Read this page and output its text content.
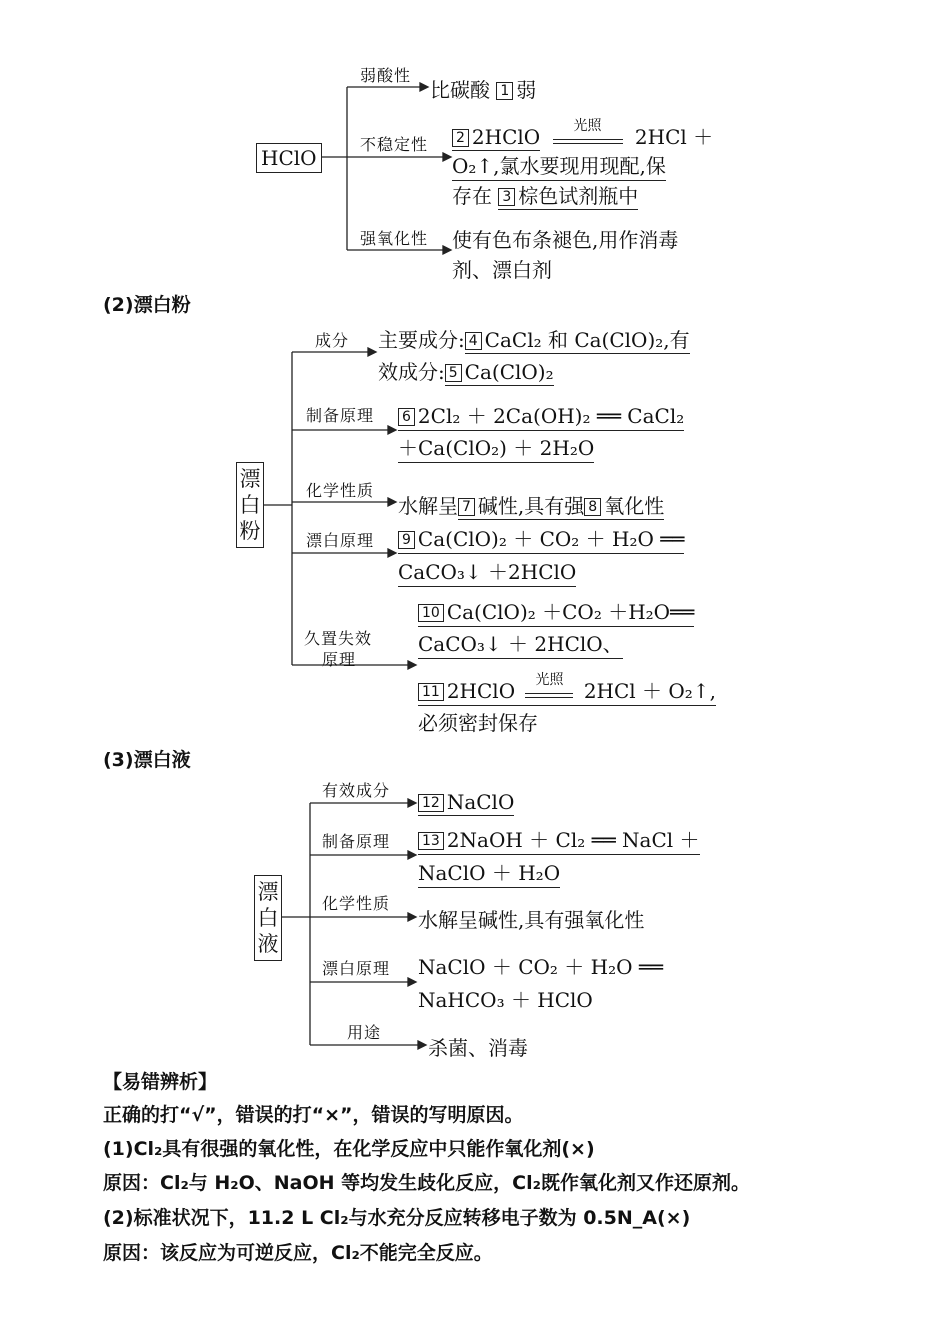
HClO
弱酸性
比碳酸 1 弱
不稳定性 2 2HClO	光照	2HCl ＋
O₂↑,氯水要现用现配,保
存在 3 棕色试剂瓶中
强氧化性 使有色布条褪色,用作消毒
剂、漂白剂
(2)漂白粉
漂白粉
成分 主要成分: 4 CaCl₂ 和 Ca(ClO)₂,有
效成分: 5 Ca(ClO)₂
制备原理 6 2Cl₂ ＋ 2Ca(OH)₂ ══ CaCl₂
＋Ca(ClO₂) ＋ 2H₂O
化学性质
水解呈 7 碱性,具有强 8 氧化性
漂白原理 9 Ca(ClO)₂ ＋ CO₂ ＋ H₂O ══
CaCO₃↓ ＋2HClO
久置失效
原理
10 Ca(ClO)₂ ＋CO₂ ＋H₂O══
CaCO₃↓ ＋ 2HClO、
11 2HClO	光照	2HCl ＋ O₂↑,
必须密封保存
(3)漂白液
漂白液
有效成分
12 NaClO
制备原理 13 2NaOH ＋ Cl₂ ══ NaCl ＋
NaClO ＋ H₂O
化学性质
水解呈碱性,具有强氧化性
漂白原理 NaClO ＋ CO₂ ＋ H₂O ══
NaHCO₃ ＋ HClO
用途
杀菌、消毒
【易错辨析】
正确的打“√”，错误的打“×”，错误的写明原因。
(1)Cl₂具有很强的氧化性，在化学反应中只能作氧化剂(×)
原因：Cl₂与 H₂O、NaOH 等均发生歧化反应，Cl₂既作氧化剂又作还原剂。
(2)标准状况下，11.2 L Cl₂与水充分反应转移电子数为 0.5N_A(×)
原因：该反应为可逆反应，Cl₂不能完全反应。
